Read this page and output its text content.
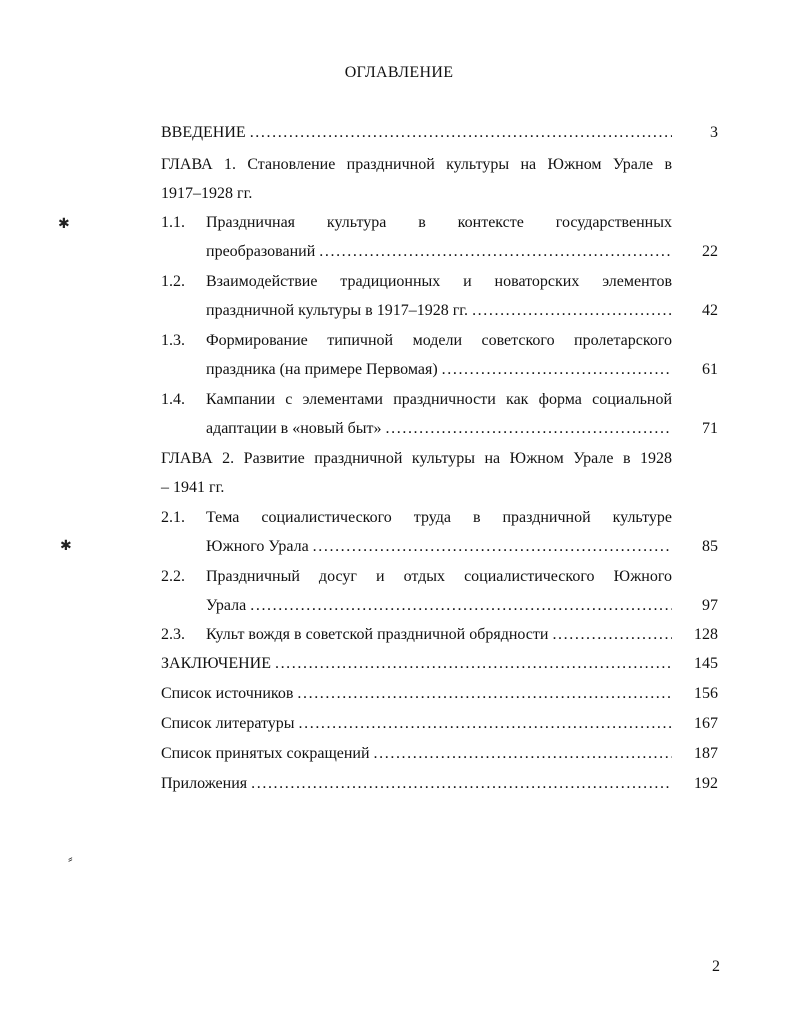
ОГЛАВЛЕНИЕ
ВВЕДЕНИЕ . . .	3
ГЛАВА 1. Становление праздничной культуры на Южном Урале в
1917–1928 гг.
1.1. Праздничная культура в контексте государственных
преобразований . . .	22
1.2. Взаимодействие традиционных и новаторских элементов
праздничной культуры в 1917–1928 гг. . . .	42
1.3. Формирование типичной модели советского пролетарского
праздника (на примере Первомая) . . .	61
1.4. Кампании с элементами праздничности как форма социальной
адаптации в «новый быт» . . .	71
ГЛАВА 2. Развитие праздничной культуры на Южном Урале в 1928
– 1941 гг.
2.1. Тема социалистического труда в праздничной культуре
Южного Урала . . .	85
2.2. Праздничный досуг и отдых социалистического Южного
Урала . . .	97
2.3. Культ вождя в советской праздничной обрядности . . .	128
ЗАКЛЮЧЕНИЕ . . .	145
Список источников . . .	156
Список литературы . . .	167
Список принятых сокращений . . .	187
Приложения . . .	192
✱
✱
⸗
2
